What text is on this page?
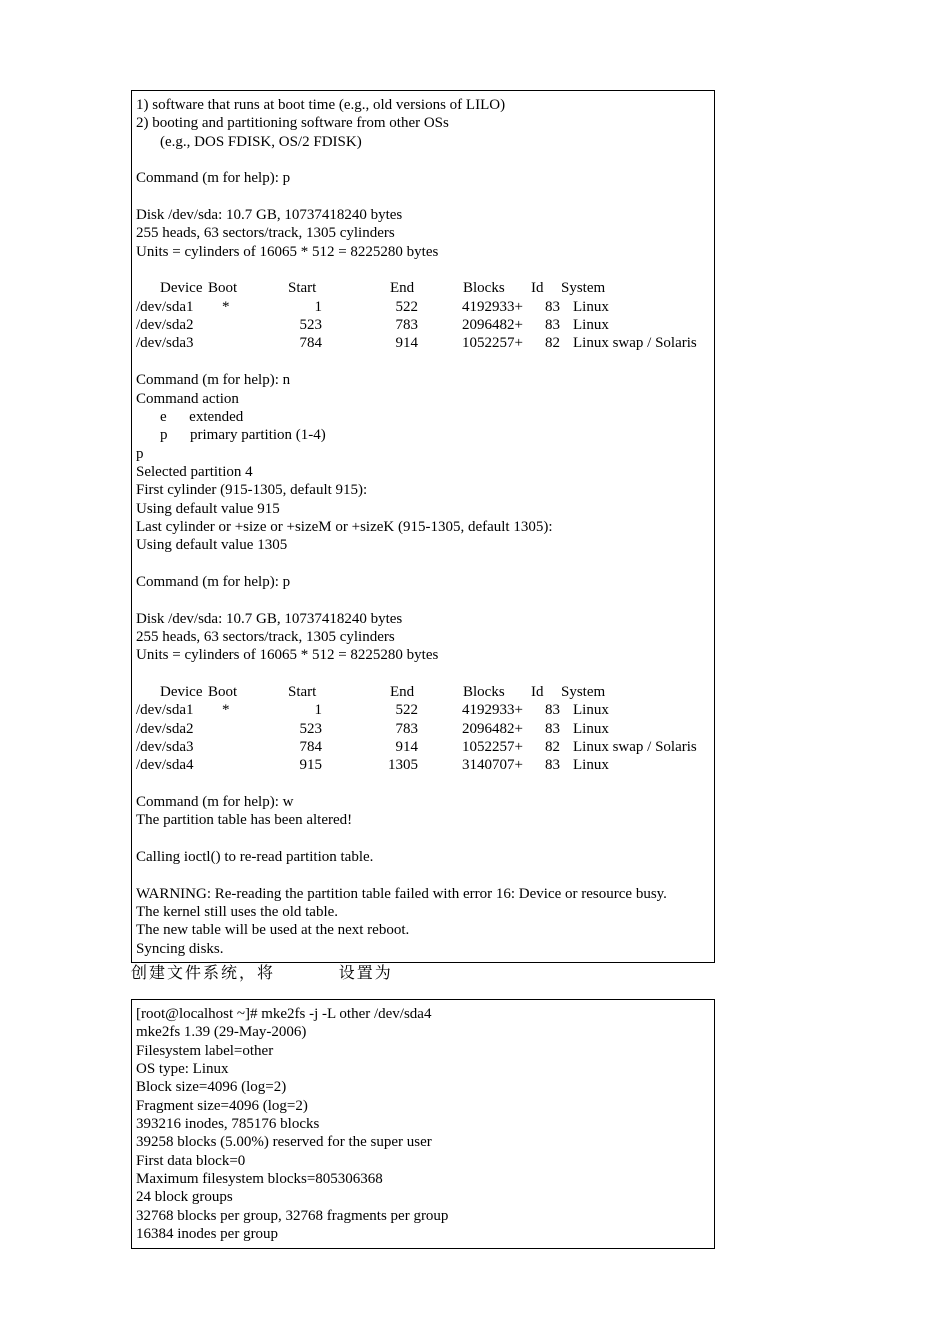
1) software that runs at boot time (e.g., old versions of LILO)
2) booting and partitioning software from other OSs
(e.g., DOS FDISK, OS/2 FDISK)
Command (m for help): p
Disk /dev/sda: 10.7 GB, 10737418240 bytes
255 heads, 63 sectors/track, 1305 cylinders
Units = cylinders of 16065 * 512 = 8225280 bytes
Device Boot	Start	End	Blocks Id System
/dev/sda1 *	1	522	4192933+ 83 Linux
/dev/sda2	523	783	2096482+ 83 Linux
/dev/sda3	784	914	1052257+ 82 Linux swap / Solaris
Command (m for help): n
Command action
e      extended
p      primary partition (1-4)
p
Selected partition 4
First cylinder (915-1305, default 915):
Using default value 915
Last cylinder or +size or +sizeM or +sizeK (915-1305, default 1305):
Using default value 1305
Command (m for help): p
Disk /dev/sda: 10.7 GB, 10737418240 bytes
255 heads, 63 sectors/track, 1305 cylinders
Units = cylinders of 16065 * 512 = 8225280 bytes
Device Boot	Start	End	Blocks Id System
/dev/sda1 *	1	522	4192933+ 83 Linux
/dev/sda2	523	783	2096482+ 83 Linux
/dev/sda3	784	914	1052257+ 82 Linux swap / Solaris
/dev/sda4	915	1305	3140707+ 83 Linux
Command (m for help): w
The partition table has been altered!
Calling ioctl() to re-read partition table.
WARNING: Re-reading the partition table failed with error 16: Device or resource busy.
The kernel still uses the old table.
The new table will be used at the next reboot.
Syncing disks.
创建文件系统，将         设置为
[root@localhost ~]# mke2fs -j -L other /dev/sda4
mke2fs 1.39 (29-May-2006)
Filesystem label=other
OS type: Linux
Block size=4096 (log=2)
Fragment size=4096 (log=2)
393216 inodes, 785176 blocks
39258 blocks (5.00%) reserved for the super user
First data block=0
Maximum filesystem blocks=805306368
24 block groups
32768 blocks per group, 32768 fragments per group
16384 inodes per group
